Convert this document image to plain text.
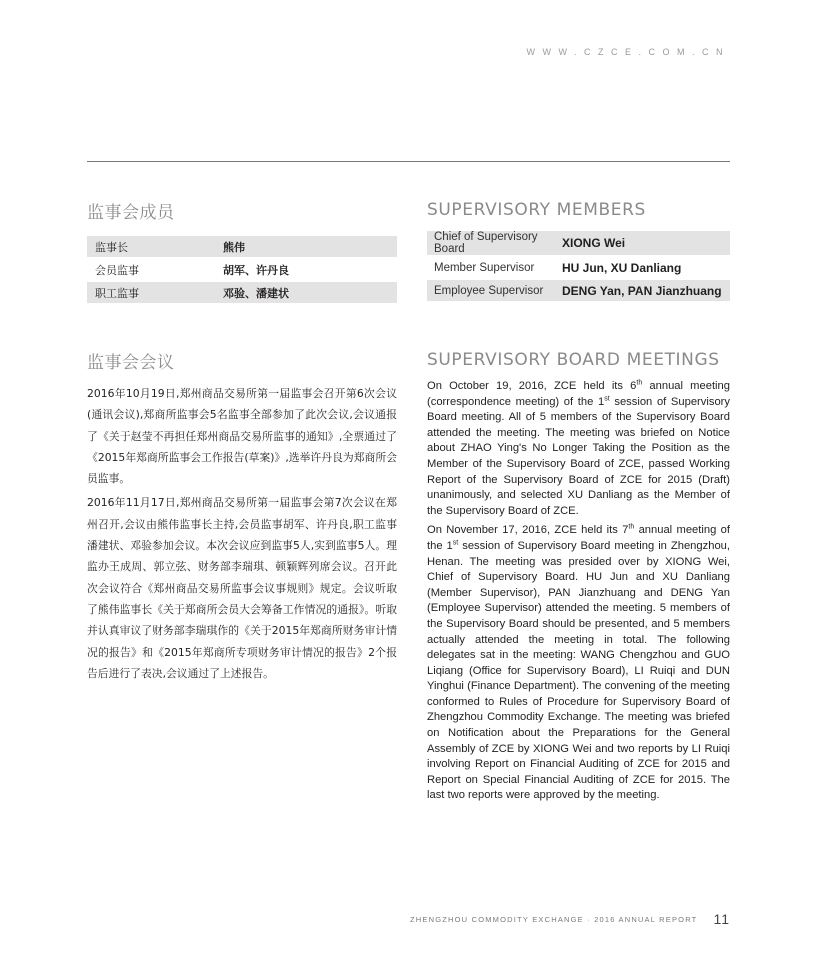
WWW.CZCE.COM.CN
监事会成员
监事长	熊伟
会员监事	胡军、许丹良
职工监事	邓验、潘建状
监事会会议

2016年10月19日,郑州商品交易所第一届监事会召开第6次会议(通讯会议),郑商所监事会5名监事全部参加了此次会议,会议通报了《关于赵莹不再担任郑州商品交易所监事的通知》,全票通过了《2015年郑商所监事会工作报告(草案)》,选举许丹良为郑商所会员监事。

2016年11月17日,郑州商品交易所第一届监事会第7次会议在郑州召开,会议由熊伟监事长主持,会员监事胡军、许丹良,职工监事潘建状、邓验参加会议。本次会议应到监事5人,实到监事5人。理监办王成周、郭立弦、财务部李瑞琪、顿颖辉列席会议。召开此次会议符合《郑州商品交易所监事会议事规则》规定。会议听取了熊伟监事长《关于郑商所会员大会筹备工作情况的通报》。听取并认真审议了财务部李瑞琪作的《关于2015年郑商所财务审计情况的报告》和《2015年郑商所专项财务审计情况的报告》2个报告后进行了表决,会议通过了上述报告。

SUPERVISORY MEMBERS
Chief of Supervisory Board	XIONG Wei
Member Supervisor	HU Jun, XU Danliang
Employee Supervisor	DENG Yan, PAN Jianzhuang
SUPERVISORY BOARD MEETINGS

On October 19, 2016, ZCE held its 6th annual meeting (correspondence meeting) of the 1st session of Supervisory Board meeting. All of 5 members of the Supervisory Board attended the meeting. The meeting was briefed on Notice about ZHAO Ying's No Longer Taking the Position as the Member of the Supervisory Board of ZCE, passed Working Report of the Supervisory Board of ZCE for 2015 (Draft) unanimously, and selected XU Danliang as the Member of the Supervisory Board of ZCE.

On November 17, 2016, ZCE held its 7th annual meeting of the 1st session of Supervisory Board meeting in Zhengzhou, Henan. The meeting was presided over by XIONG Wei, Chief of Supervisory Board. HU Jun and XU Danliang (Member Supervisor), PAN Jianzhuang and DENG Yan (Employee Supervisor) attended the meeting. 5 members of the Supervisory Board should be presented, and 5 members actually attended the meeting in total. The following delegates sat in the meeting: WANG Chengzhou and GUO Liqiang (Office for Supervisory Board), LI Ruiqi and DUN Yinghui (Finance Department). The convening of the meeting conformed to Rules of Procedure for Supervisory Board of Zhengzhou Commodity Exchange. The meeting was briefed on Notification about the Preparations for the General Assembly of ZCE by XIONG Wei and two reports by LI Ruiqi involving Report on Financial Auditing of ZCE for 2015 and Report on Special Financial Auditing of ZCE for 2015. The last two reports were approved by the meeting.

ZHENGZHOU COMMODITY EXCHANGE · 2016 ANNUAL REPORT 11
